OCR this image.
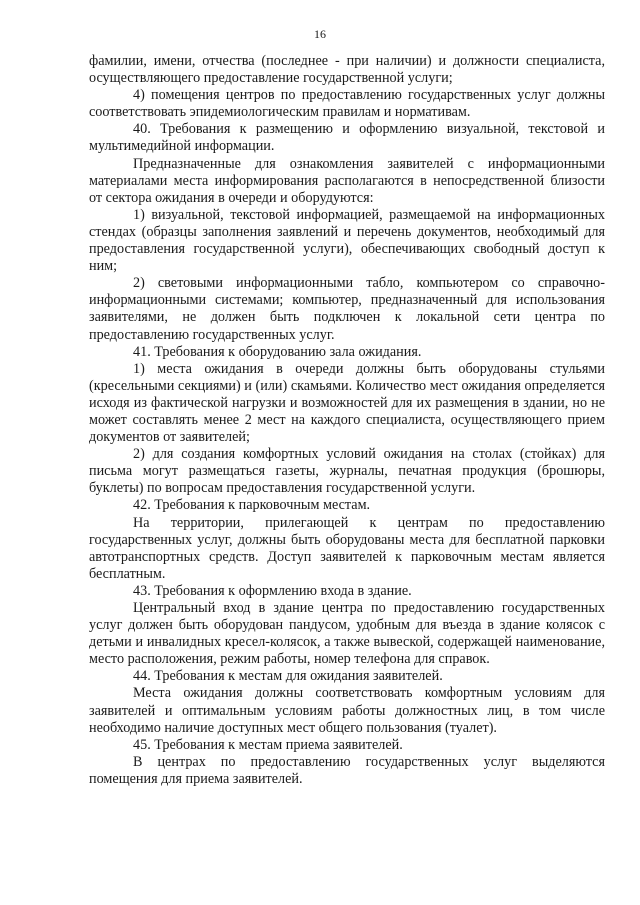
16

фамилии, имени, отчества (последнее - при наличии) и должности специалиста, осуществляющего предоставление государственной услуги;

4) помещения центров по предоставлению государственных услуг должны соответствовать эпидемиологическим правилам и нормативам.

40. Требования к размещению и оформлению визуальной, текстовой и мультимедийной информации.

Предназначенные для ознакомления заявителей с информационными материалами места информирования располагаются в непосредственной близости от сектора ожидания в очереди и оборудуются:

1) визуальной, текстовой информацией, размещаемой на информационных стендах (образцы заполнения заявлений и перечень документов, необходимый для предоставления государственной услуги), обеспечивающих свободный доступ к ним;

2) световыми информационными табло, компьютером со справочно-информационными системами; компьютер, предназначенный для использования заявителями, не должен быть подключен к локальной сети центра по предоставлению государственных услуг.

41. Требования к оборудованию зала ожидания.

1) места ожидания в очереди должны быть оборудованы стульями (кресельными секциями) и (или) скамьями. Количество мест ожидания определяется исходя из фактической нагрузки и возможностей для их размещения в здании, но не может составлять менее 2 мест на каждого специалиста, осуществляющего прием документов от заявителей;

2) для создания комфортных условий ожидания на столах (стойках) для письма могут размещаться газеты, журналы, печатная продукция (брошюры, буклеты) по вопросам предоставления государственной услуги.

42. Требования к парковочным местам.

На территории, прилегающей к центрам по предоставлению государственных услуг, должны быть оборудованы места для бесплатной парковки автотранспортных средств. Доступ заявителей к парковочным местам является бесплатным.

43. Требования к оформлению входа в здание.

Центральный вход в здание центра по предоставлению государственных услуг должен быть оборудован пандусом, удобным для въезда в здание колясок с детьми и инвалидных кресел-колясок, а также вывеской, содержащей наименование, место расположения, режим работы, номер телефона для справок.

44. Требования к местам для ожидания заявителей.

Места ожидания должны соответствовать комфортным условиям для заявителей и оптимальным условиям работы должностных лиц, в том числе необходимо наличие доступных мест общего пользования (туалет).

45. Требования к местам приема заявителей.

В центрах по предоставлению государственных услуг выделяются помещения для приема заявителей.
